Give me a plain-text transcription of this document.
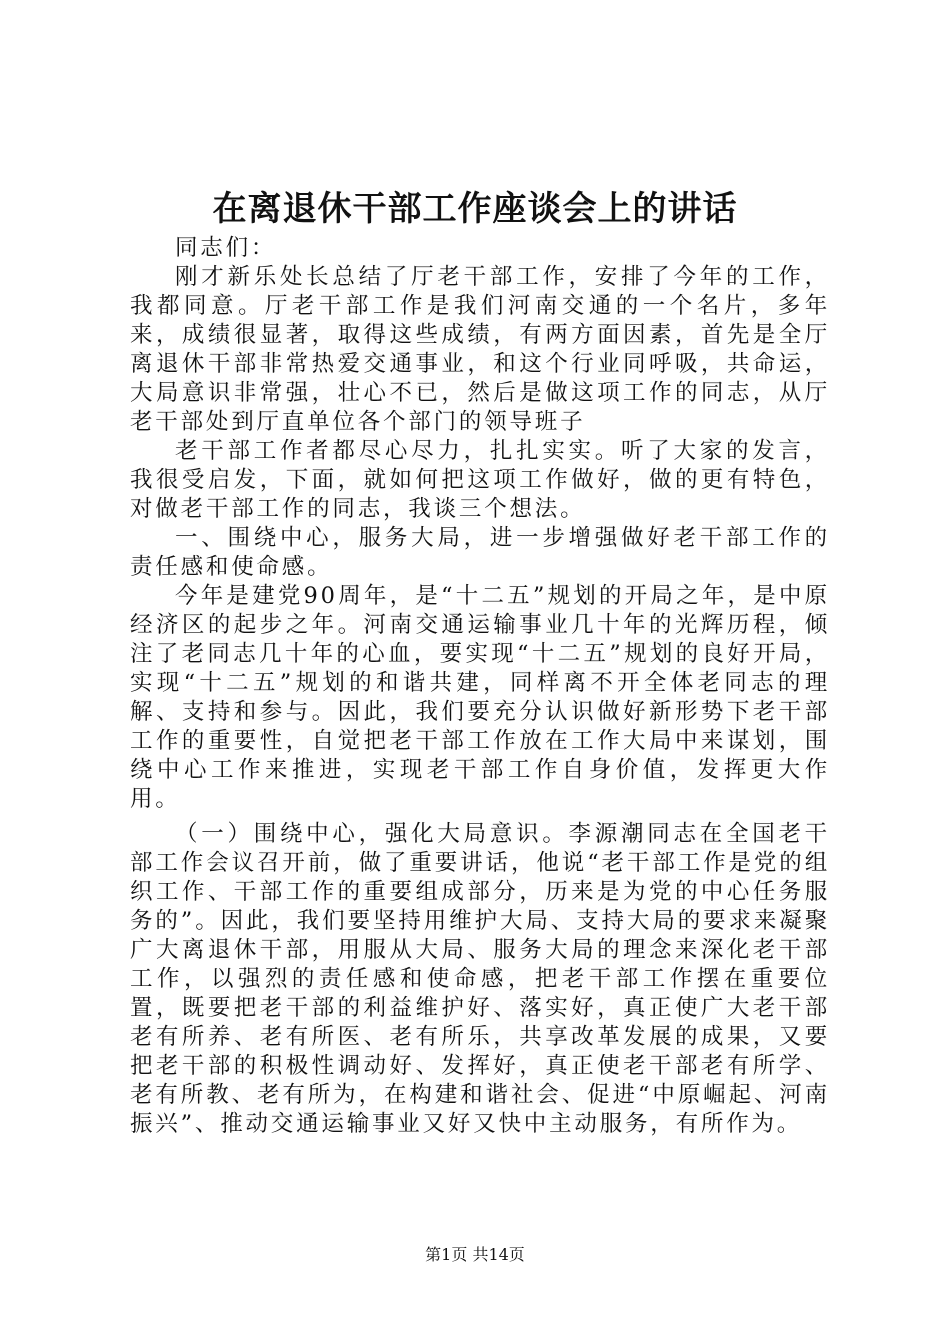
在离退休干部工作座谈会上的讲话

同志们：

刚才新乐处长总结了厅老干部工作，安排了今年的工作，我都同意。厅老干部工作是我们河南交通的一个名片，多年来，成绩很显著，取得这些成绩，有两方面因素，首先是全厅离退休干部非常热爱交通事业，和这个行业同呼吸，共命运，大局意识非常强，壮心不已，然后是做这项工作的同志，从厅老干部处到厅直单位各个部门的领导班子

老干部工作者都尽心尽力，扎扎实实。听了大家的发言，我很受启发，下面，就如何把这项工作做好，做的更有特色，对做老干部工作的同志，我谈三个想法。

一、围绕中心，服务大局，进一步增强做好老干部工作的责任感和使命感。

今年是建党90周年，是“十二五”规划的开局之年，是中原经济区的起步之年。河南交通运输事业几十年的光辉历程，倾注了老同志几十年的心血，要实现“十二五”规划的良好开局，实现“十二五”规划的和谐共建，同样离不开全体老同志的理解、支持和参与。因此，我们要充分认识做好新形势下老干部工作的重要性，自觉把老干部工作放在工作大局中来谋划，围绕中心工作来推进，实现老干部工作自身价值，发挥更大作用。

（一）围绕中心，强化大局意识。李源潮同志在全国老干部工作会议召开前，做了重要讲话，他说“老干部工作是党的组织工作、干部工作的重要组成部分，历来是为党的中心任务服务的”。因此，我们要坚持用维护大局、支持大局的要求来凝聚广大离退休干部，用服从大局、服务大局的理念来深化老干部工作，以强烈的责任感和使命感，把老干部工作摆在重要位置，既要把老干部的利益维护好、落实好，真正使广大老干部老有所养、老有所医、老有所乐，共享改革发展的成果，又要把老干部的积极性调动好、发挥好，真正使老干部老有所学、老有所教、老有所为，在构建和谐社会、促进“中原崛起、河南振兴”、推动交通运输事业又好又快中主动服务，有所作为。

第1页 共14页
